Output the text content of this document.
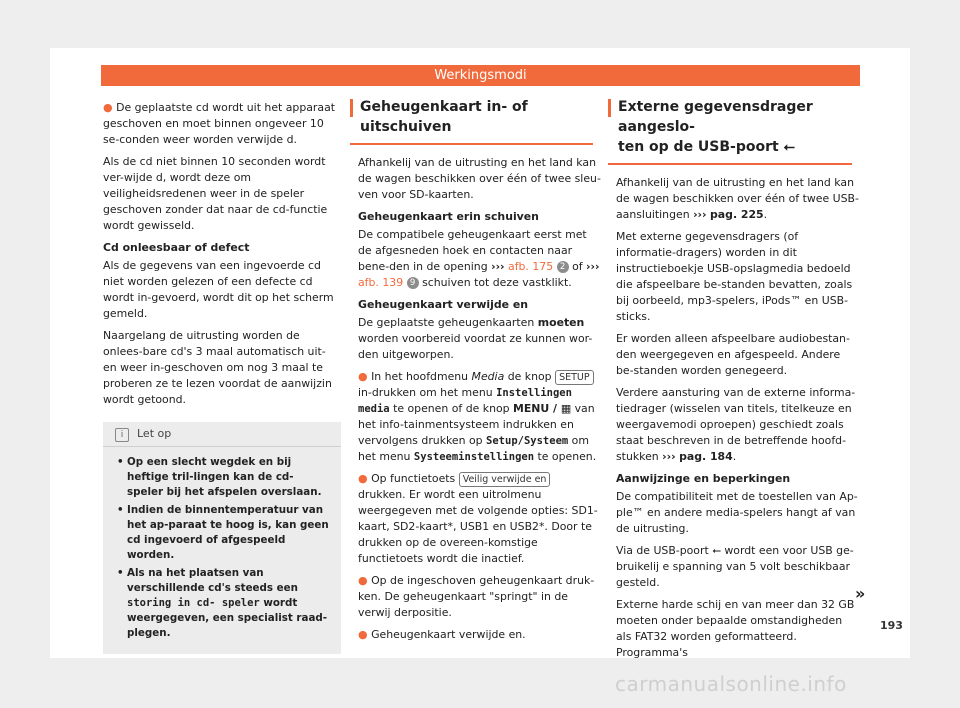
Werkingsmodi

● De geplaatste cd wordt uit het apparaat geschoven en moet binnen ongeveer 10 se-conden weer worden verwijde d.

Als de cd niet binnen 10 seconden wordt ver-wijde d, wordt deze om veiligheidsredenen weer in de speler geschoven zonder dat naar de cd-functie wordt gewisseld.

Cd onleesbaar of defect

Als de gegevens van een ingevoerde cd niet worden gelezen of een defecte cd wordt in-gevoerd, wordt dit op het scherm gemeld.

Naargelang de uitrusting worden de onlees-bare cd's 3 maal automatisch uit- en weer in-geschoven om nog 3 maal te proberen ze te lezen voordat de aanwijzin wordt getoond.

i Let op
• Op een slecht wegdek en bij heftige tril-lingen kan de cd-speler bij het afspelen overslaan.
• Indien de binnentemperatuur van het ap-paraat te hoog is, kan geen cd ingevoerd of afgespeeld worden.
• Als na het plaatsen van verschillende cd's steeds een storing in cd- speler wordt weergegeven, een specialist raad-plegen.
Geheugenkaart in- of uitschuiven

Afhankelij van de uitrusting en het land kan de wagen beschikken over één of twee sleu-ven voor SD-kaarten.

Geheugenkaart erin schuiven

De compatibele geheugenkaart eerst met de afgesneden hoek en contacten naar bene-den in de opening ››› afb. 175 2 of ››› afb. 139 9 schuiven tot deze vastklikt.

Geheugenkaart verwijde en

De geplaatste geheugenkaarten moeten worden voorbereid voordat ze kunnen wor-den uitgeworpen.

● In het hoofdmenu Media de knop SETUP in-drukken om het menu Instellingen media te openen of de knop MENU / ▦ van het info-tainmentsysteem indrukken en vervolgens drukken op Setup/Systeem om het menu Systeeminstellingen te openen.

● Op functietoets Veilig verwijde en drukken. Er wordt een uitrolmenu weergegeven met de volgende opties: SD1-kaart, SD2-kaart*, USB1 en USB2*. Door te drukken op de overeen-komstige functietoets wordt die inactief.

● Op de ingeschoven geheugenkaart druk-ken. De geheugenkaart "springt" in de verwij derpositie.

● Geheugenkaart verwijde en.

Externe gegevensdrager aangeslo-
ten op de USB-poort ⭠

Afhankelij van de uitrusting en het land kan de wagen beschikken over één of twee USB-aansluitingen ››› pag. 225.

Met externe gegevensdragers (of informatie-dragers) worden in dit instructieboekje USB-opslagmedia bedoeld die afspeelbare be-standen bevatten, zoals bij oorbeeld, mp3-spelers, iPods™ en USB-sticks.

Er worden alleen afspeelbare audiobestan-den weergegeven en afgespeeld. Andere be-standen worden genegeerd.

Verdere aansturing van de externe informa-tiedrager (wisselen van titels, titelkeuze en weergavemodi oproepen) geschiedt zoals staat beschreven in de betreffende hoofd-stukken ››› pag. 184.

Aanwijzinge en beperkingen

De compatibiliteit met de toestellen van Ap-ple™ en andere media-spelers hangt af van de uitrusting.

Via de USB-poort ⭠ wordt een voor USB ge-bruikelij e spanning van 5 volt beschikbaar gesteld.

Externe harde schij en van meer dan 32 GB moeten onder bepaalde omstandigheden als FAT32 worden geformatteerd. Programma's

»
193
carmanualsonline.info
